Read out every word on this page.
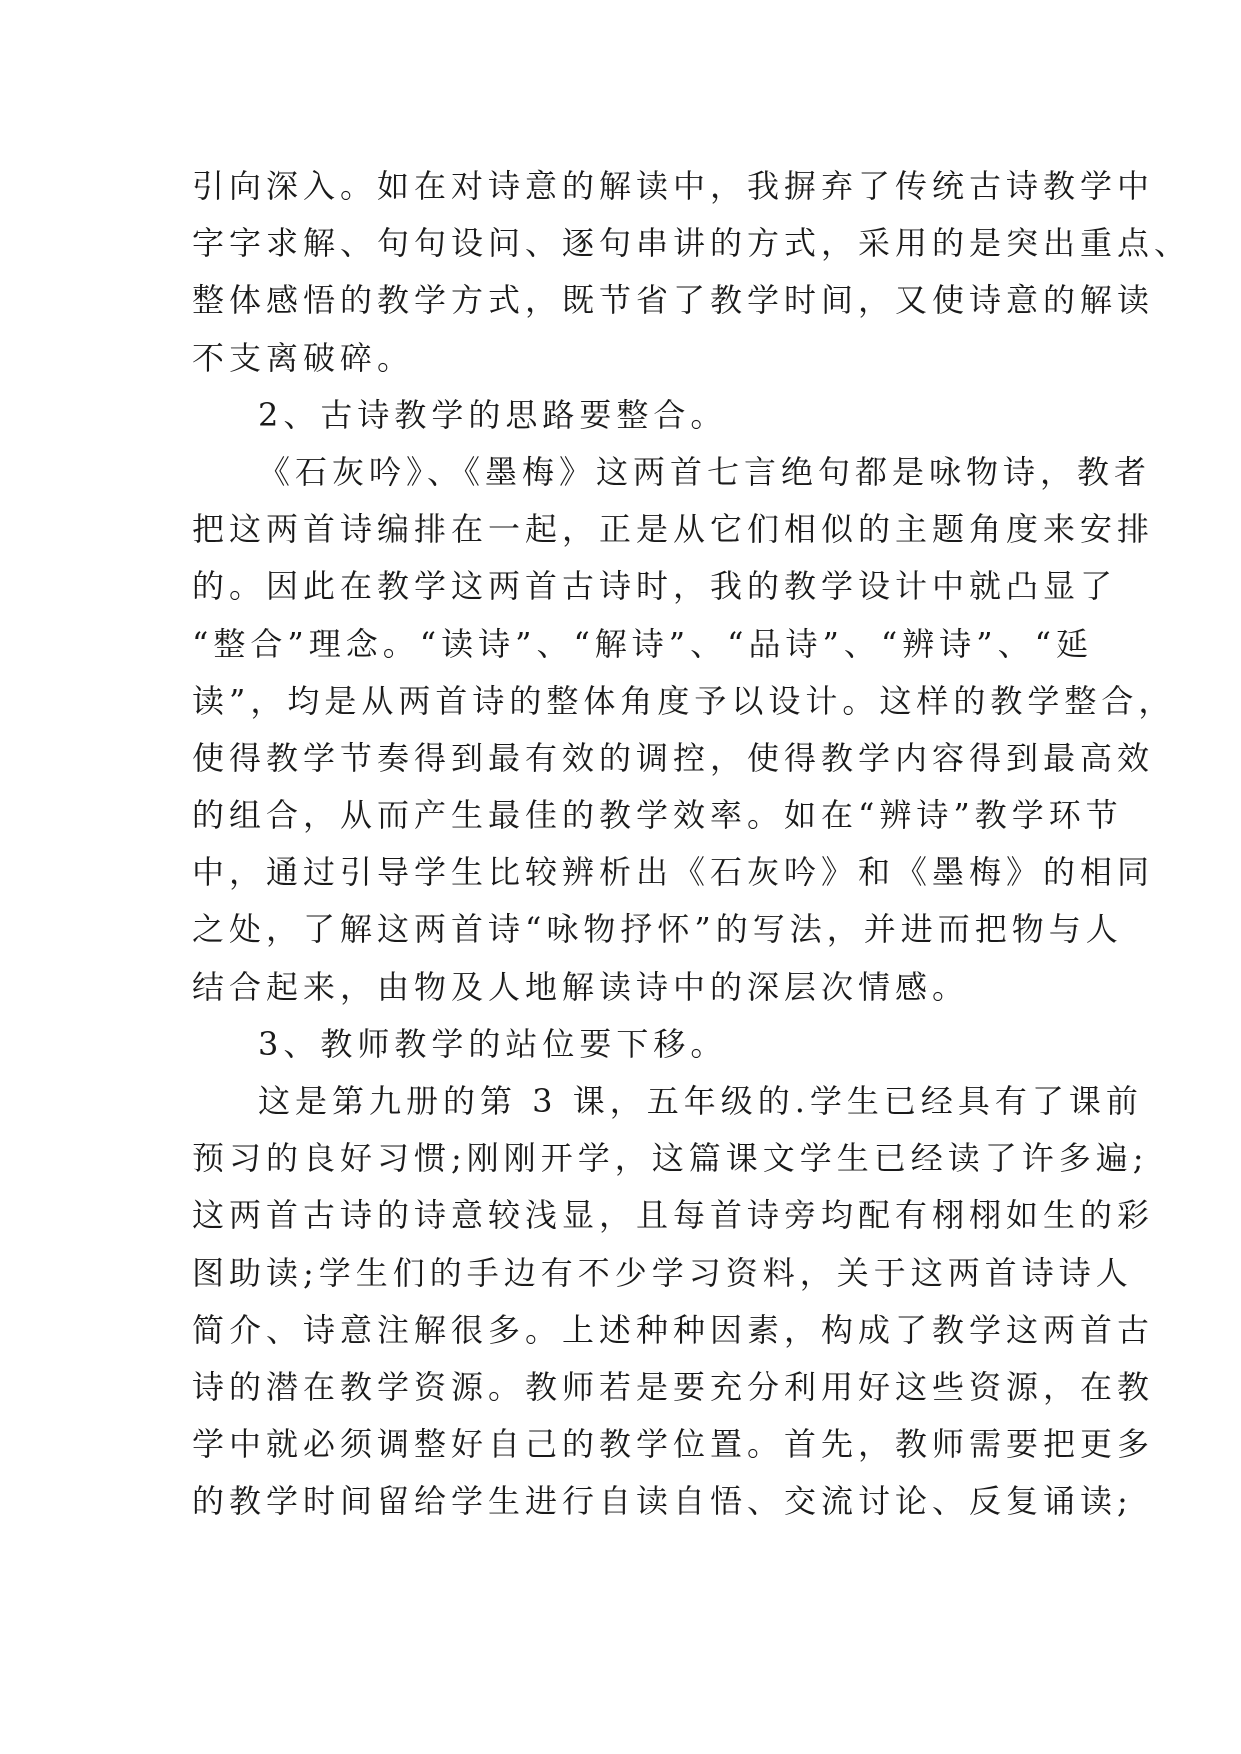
引向深入。如在对诗意的解读中，我摒弃了传统古诗教学中
字字求解、句句设问、逐句串讲的方式，采用的是突出重点、
整体感悟的教学方式，既节省了教学时间，又使诗意的解读
不支离破碎。
2、古诗教学的思路要整合。
《石灰吟》、《墨梅》这两首七言绝句都是咏物诗，教者
把这两首诗编排在一起，正是从它们相似的主题角度来安排
的。因此在教学这两首古诗时，我的教学设计中就凸显了
“整合”理念。“读诗”、“解诗”、“品诗”、“辨诗”、“延
读”，均是从两首诗的整体角度予以设计。这样的教学整合，
使得教学节奏得到最有效的调控，使得教学内容得到最高效
的组合，从而产生最佳的教学效率。如在“辨诗”教学环节
中，通过引导学生比较辨析出《石灰吟》和《墨梅》的相同
之处，了解这两首诗“咏物抒怀”的写法，并进而把物与人
结合起来，由物及人地解读诗中的深层次情感。
3、教师教学的站位要下移。
这是第九册的第 3 课，五年级的.学生已经具有了课前
预习的良好习惯;刚刚开学，这篇课文学生已经读了许多遍;
这两首古诗的诗意较浅显，且每首诗旁均配有栩栩如生的彩
图助读;学生们的手边有不少学习资料，关于这两首诗诗人
简介、诗意注解很多。上述种种因素，构成了教学这两首古
诗的潜在教学资源。教师若是要充分利用好这些资源，在教
学中就必须调整好自己的教学位置。首先，教师需要把更多
的教学时间留给学生进行自读自悟、交流讨论、反复诵读;
